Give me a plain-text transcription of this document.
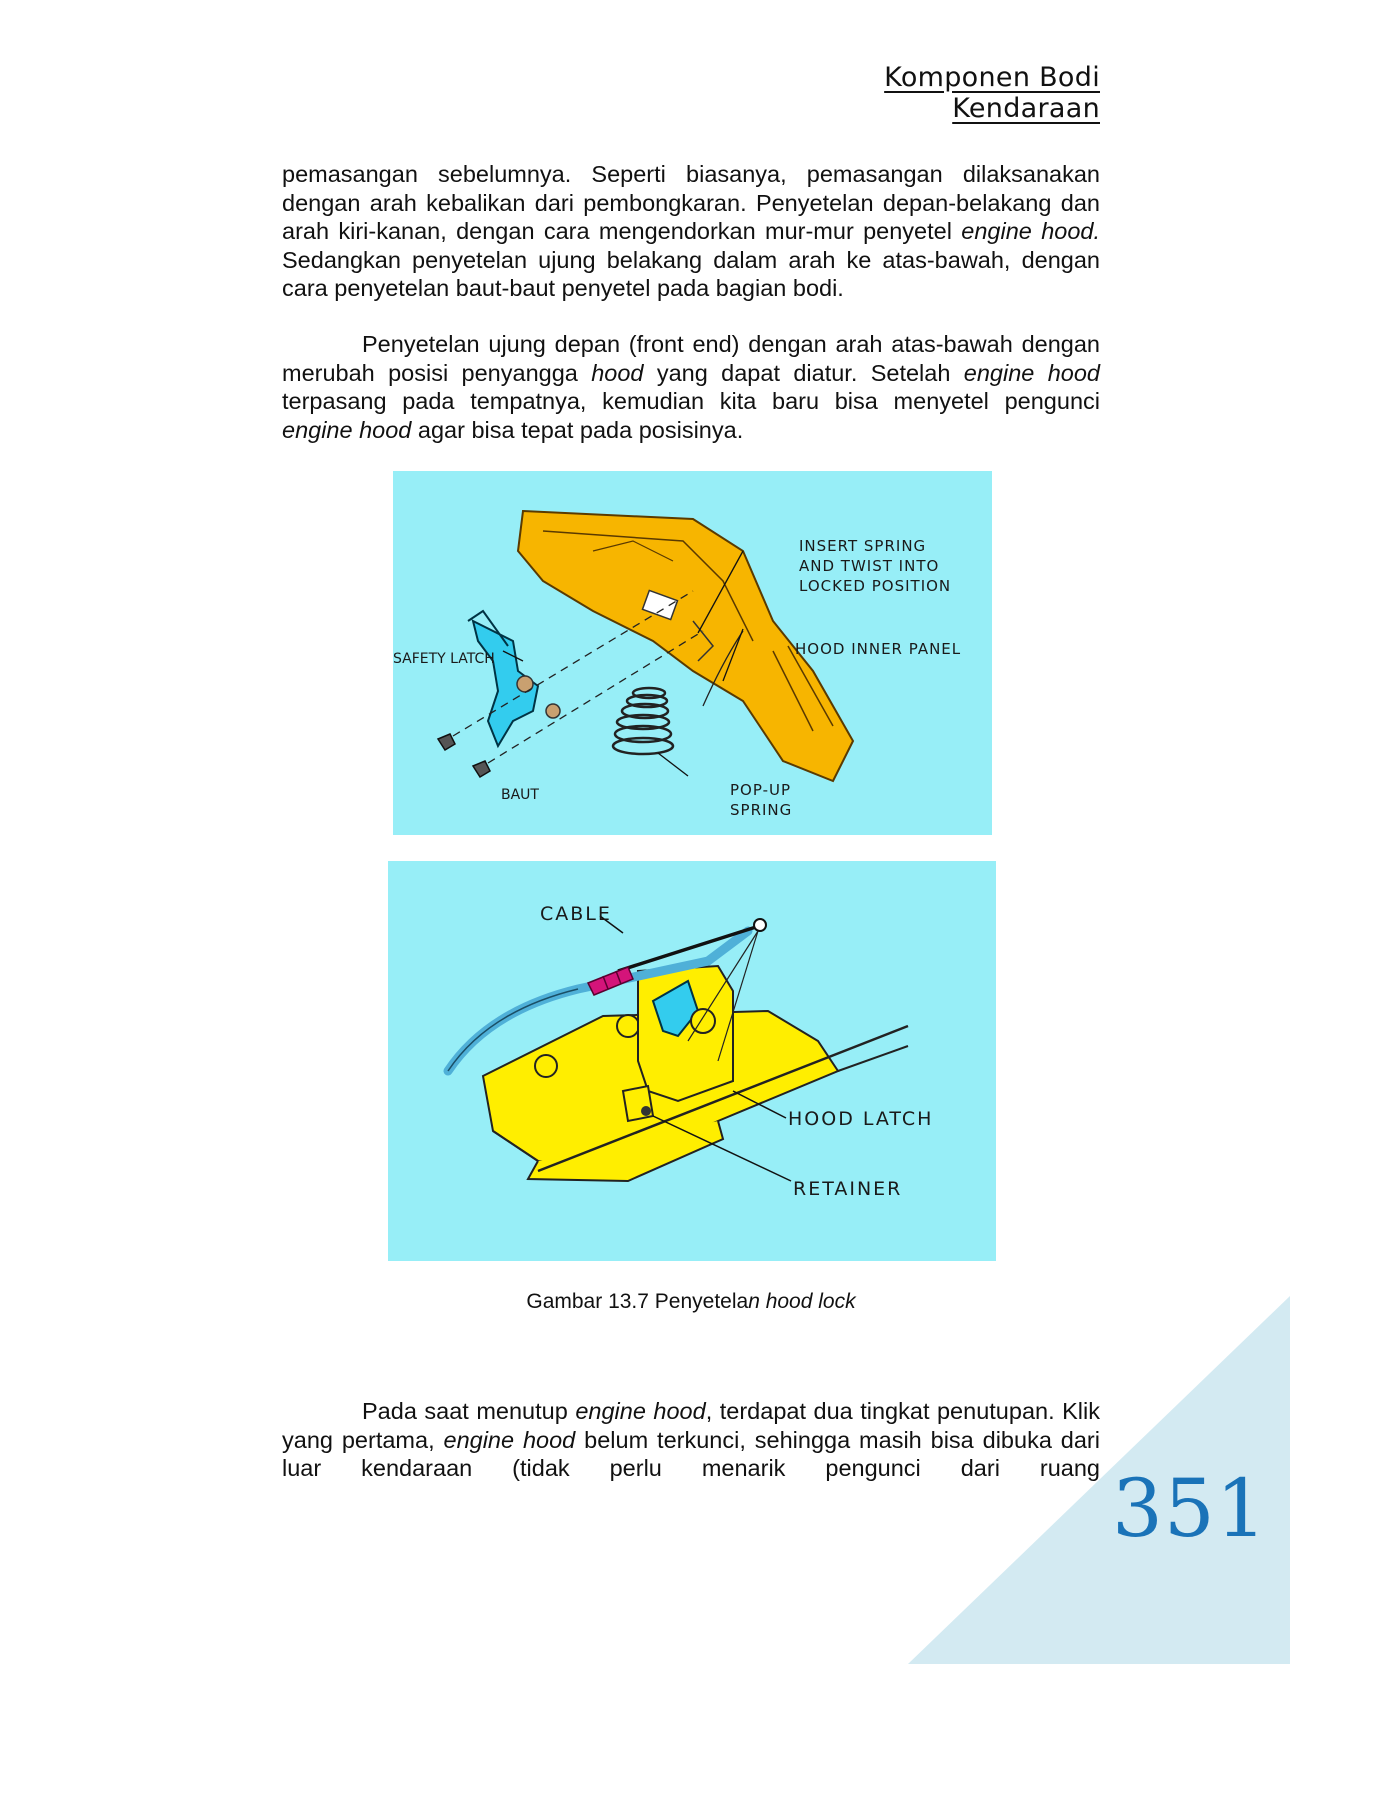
Komponen Bodi Kendaraan

pemasangan sebelumnya. Seperti biasanya, pemasangan dilaksanakan dengan arah kebalikan dari pembongkaran. Penyetelan depan-belakang dan arah kiri-kanan, dengan cara mengendorkan mur-mur penyetel engine hood. Sedangkan penyetelan ujung belakang dalam arah ke atas-bawah, dengan cara penyetelan baut-baut penyetel pada bagian bodi.

Penyetelan ujung depan (front end) dengan arah atas-bawah dengan merubah posisi penyangga hood yang dapat diatur. Setelah engine hood terpasang pada tempatnya, kemudian kita baru bisa menyetel pengunci engine hood agar bisa tepat pada posisinya.

INSERT SPRING
AND TWIST INTO
LOCKED POSITION
HOOD INNER PANEL
SAFETY LATCH
BAUT	POP-UP
SPRING
CABLE
HOOD LATCH
RETAINER
Gambar 13.7 Penyetelan hood lock

Pada saat menutup engine hood, terdapat dua tingkat penutupan. Klik yang pertama, engine hood belum terkunci, sehingga masih bisa dibuka dari luar kendaraan (tidak perlu menarik pengunci dari ruang 351
